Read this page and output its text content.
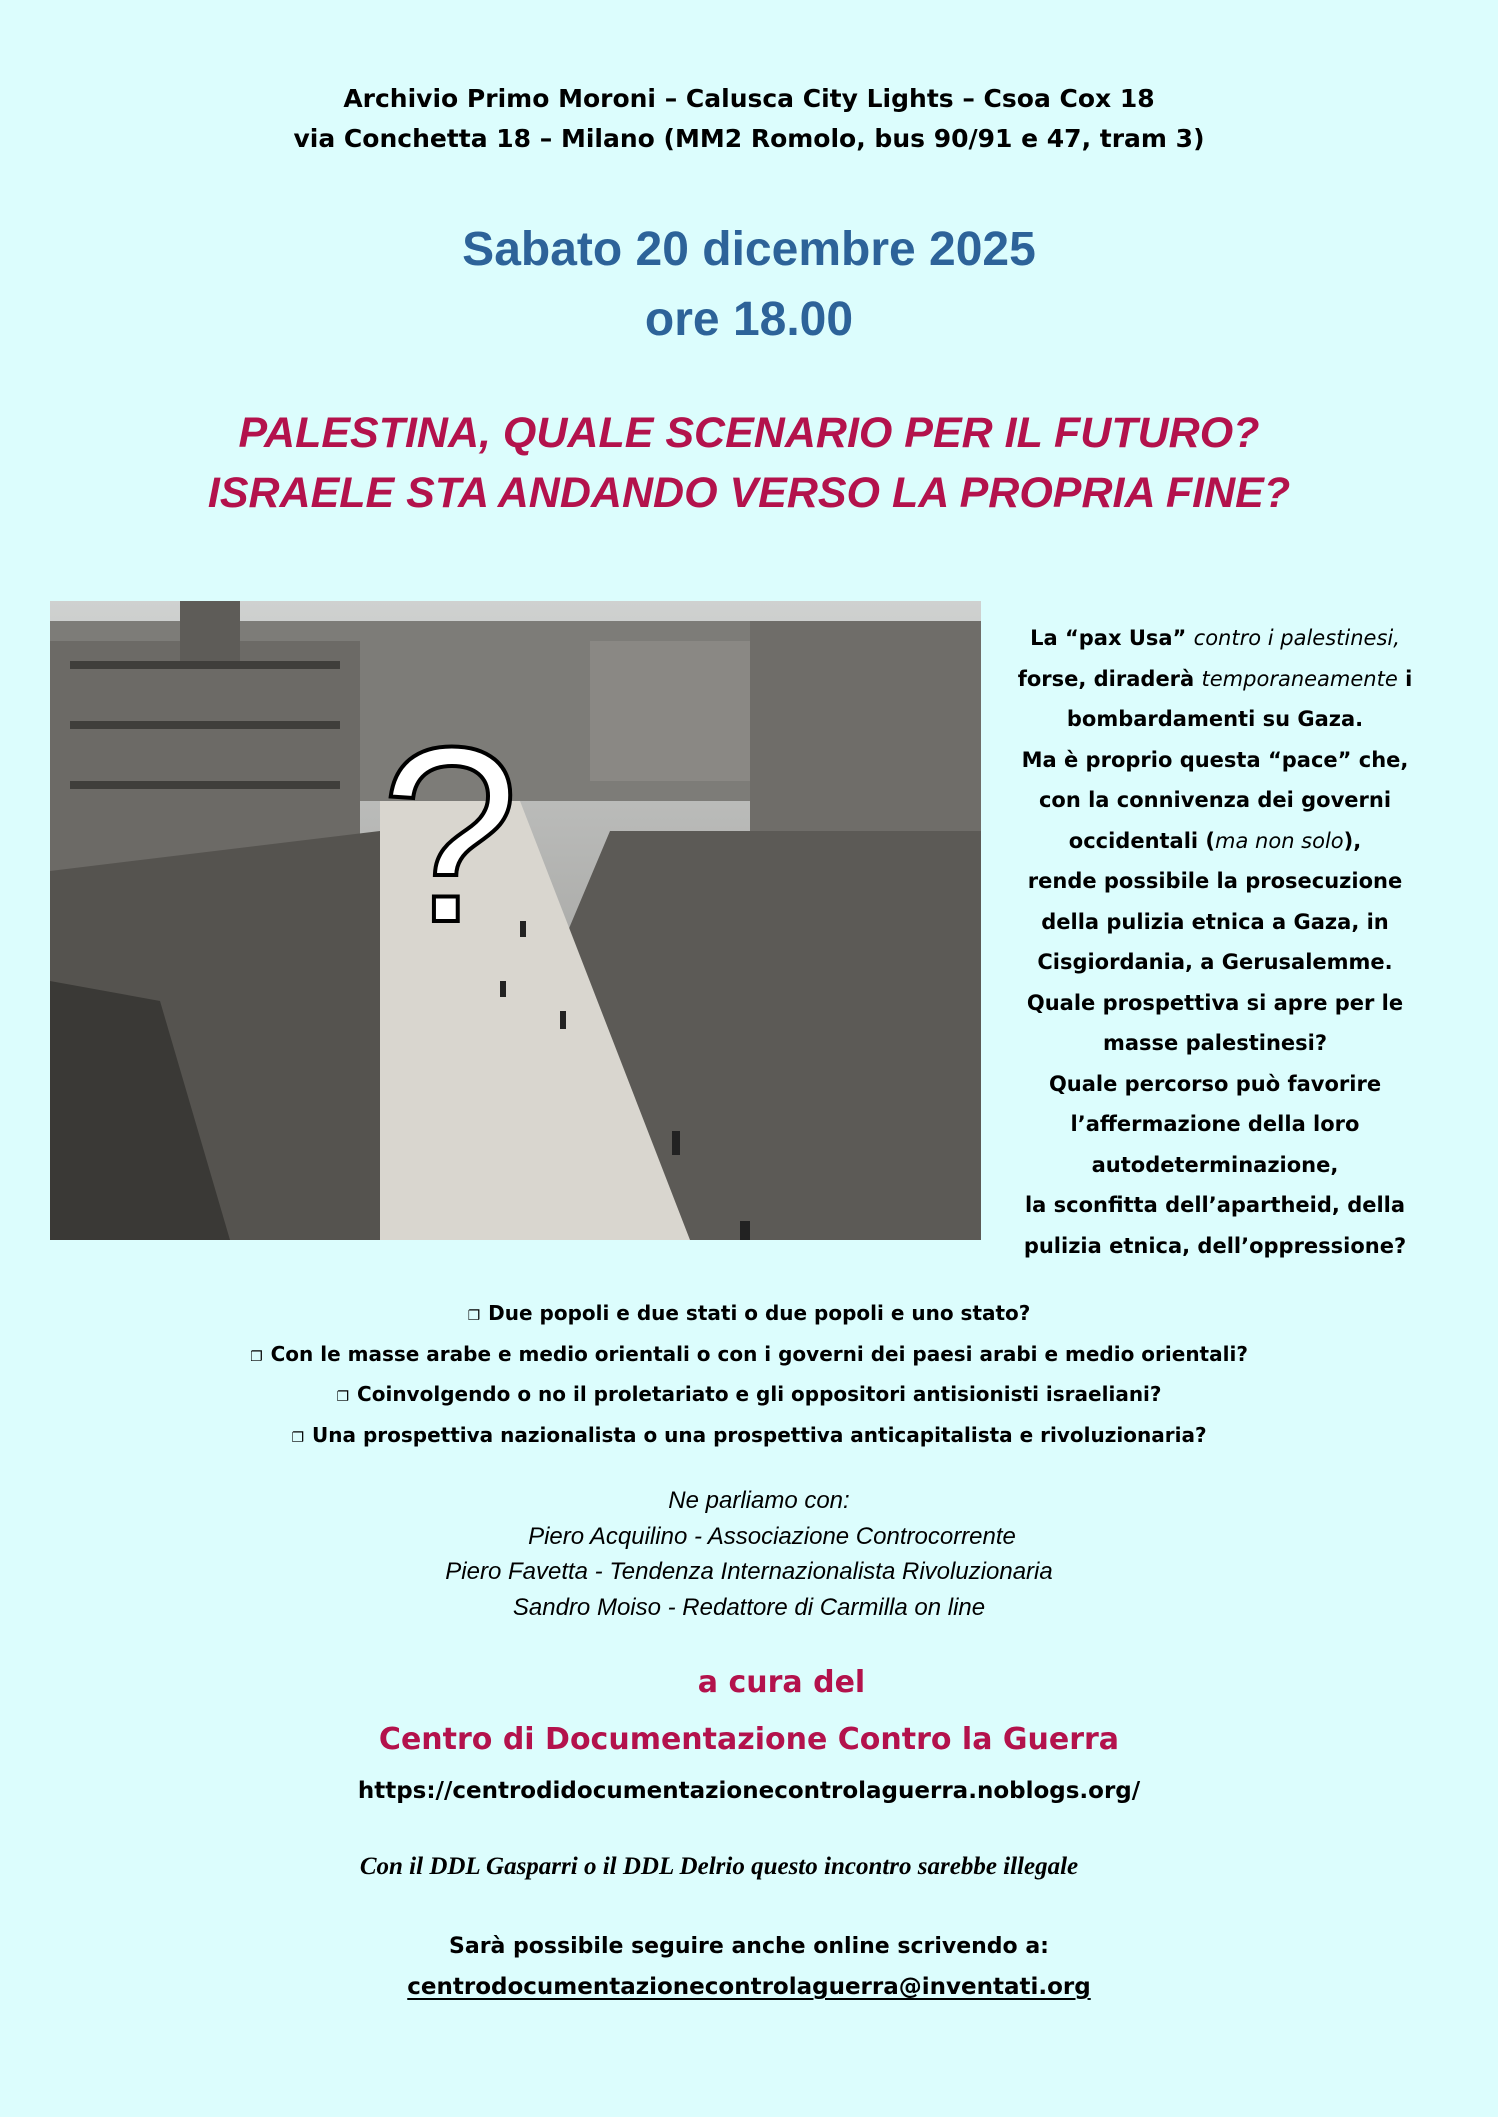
Archivio Primo Moroni – Calusca City Lights – Csoa Cox 18
via Conchetta 18 – Milano (MM2 Romolo, bus 90/91 e 47, tram 3)
Sabato 20 dicembre 2025
ore 18.00
PALESTINA, QUALE SCENARIO PER IL FUTURO?
ISRAELE STA ANDANDO VERSO LA PROPRIA FINE?
?
La “pax Usa” contro i palestinesi,
forse, diraderà temporaneamente i
bombardamenti su Gaza.
Ma è proprio questa “pace” che,
con la connivenza dei governi
occidentali (ma non solo),
rende possibile la prosecuzione
della pulizia etnica a Gaza, in
Cisgiordania, a Gerusalemme.
Quale prospettiva si apre per le
masse palestinesi?
Quale percorso può favorire
l’affermazione della loro
autodeterminazione,
la sconfitta dell’apartheid, della
pulizia etnica, dell’oppressione?
❐ Due popoli e due stati o due popoli e uno stato?
❐ Con le masse arabe e medio orientali o con i governi dei paesi arabi e medio orientali?
❐ Coinvolgendo o no il proletariato e gli oppositori antisionisti israeliani?
❐ Una prospettiva nazionalista o una prospettiva anticapitalista e rivoluzionaria?
Ne parliamo con:
Piero Acquilino - Associazione Controcorrente
Piero Favetta - Tendenza Internazionalista Rivoluzionaria
Sandro Moiso - Redattore di Carmilla on line
a cura del
Centro di Documentazione Contro la Guerra
https://centrodidocumentazionecontrolaguerra.noblogs.org/
Con il DDL Gasparri o il DDL Delrio questo incontro sarebbe illegale
Sarà possibile seguire anche online scrivendo a:
centrodocumentazionecontrolaguerra@inventati.org
